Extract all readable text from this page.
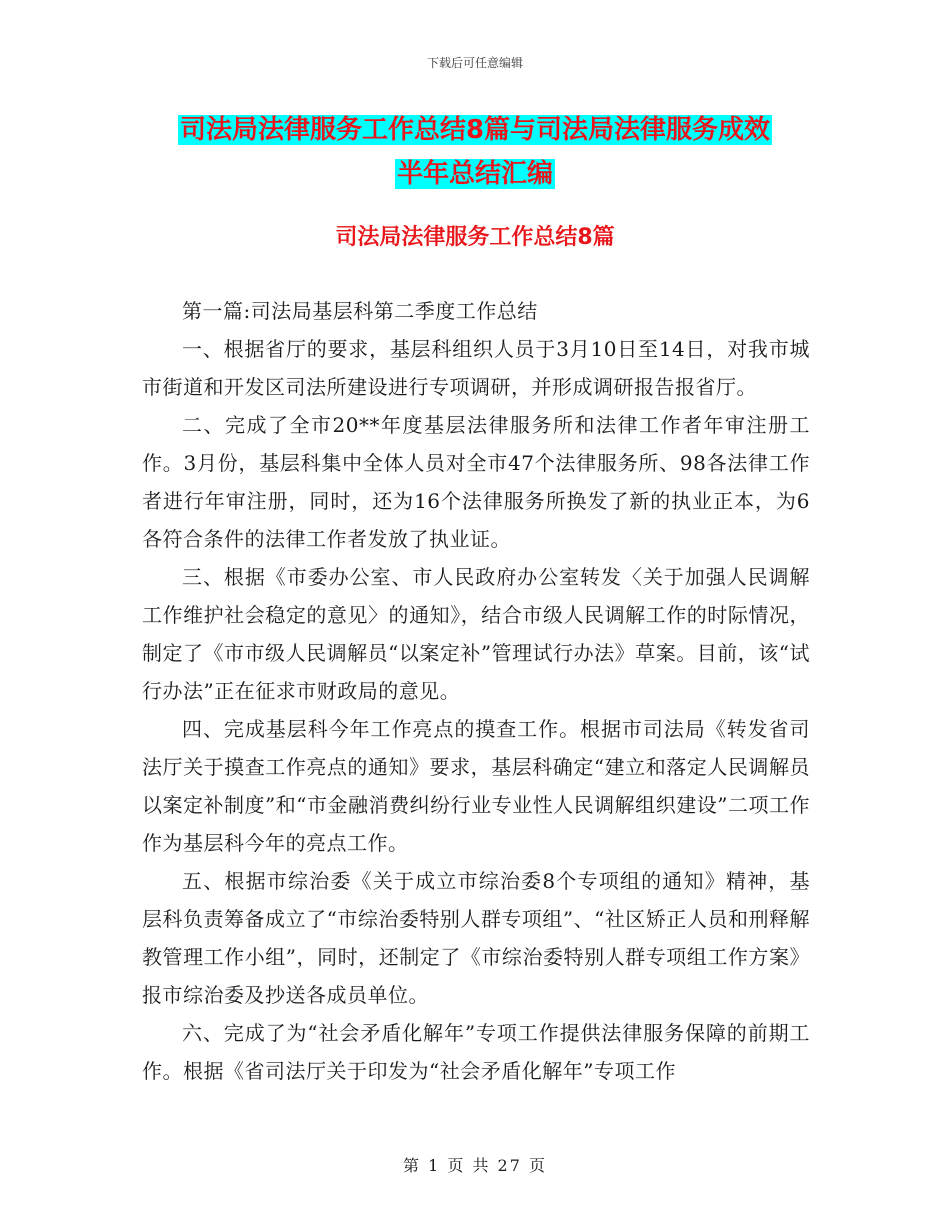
下载后可任意编辑
司法局法律服务工作总结8篇与司法局法律服务成效
半年总结汇编
司法局法律服务工作总结8篇

第一篇:司法局基层科第二季度工作总结

一、根据省厅的要求，基层科组织人员于3月10日至14日，对我市城市街道和开发区司法所建设进行专项调研，并形成调研报告报省厅。

二、完成了全市20**年度基层法律服务所和法律工作者年审注册工作。3月份，基层科集中全体人员对全市47个法律服务所、98各法律工作者进行年审注册，同时，还为16个法律服务所换发了新的执业正本，为6各符合条件的法律工作者发放了执业证。

三、根据《市委办公室、市人民政府办公室转发〈关于加强人民调解工作维护社会稳定的意见〉的通知》，结合市级人民调解工作的时际情况，制定了《市市级人民调解员“以案定补”管理试行办法》草案。目前，该“试行办法”正在征求市财政局的意见。

四、完成基层科今年工作亮点的摸查工作。根据市司法局《转发省司法厅关于摸查工作亮点的通知》要求，基层科确定“建立和落定人民调解员以案定补制度”和“市金融消费纠纷行业专业性人民调解组织建设”二项工作作为基层科今年的亮点工作。

五、根据市综治委《关于成立市综治委8个专项组的通知》精神，基层科负责筹备成立了“市综治委特别人群专项组”、“社区矫正人员和刑释解教管理工作小组”，同时，还制定了《市综治委特别人群专项组工作方案》报市综治委及抄送各成员单位。

六、完成了为“社会矛盾化解年”专项工作提供法律服务保障的前期工作。根据《省司法厅关于印发为“社会矛盾化解年”专项工作

第 1 页 共 27 页
